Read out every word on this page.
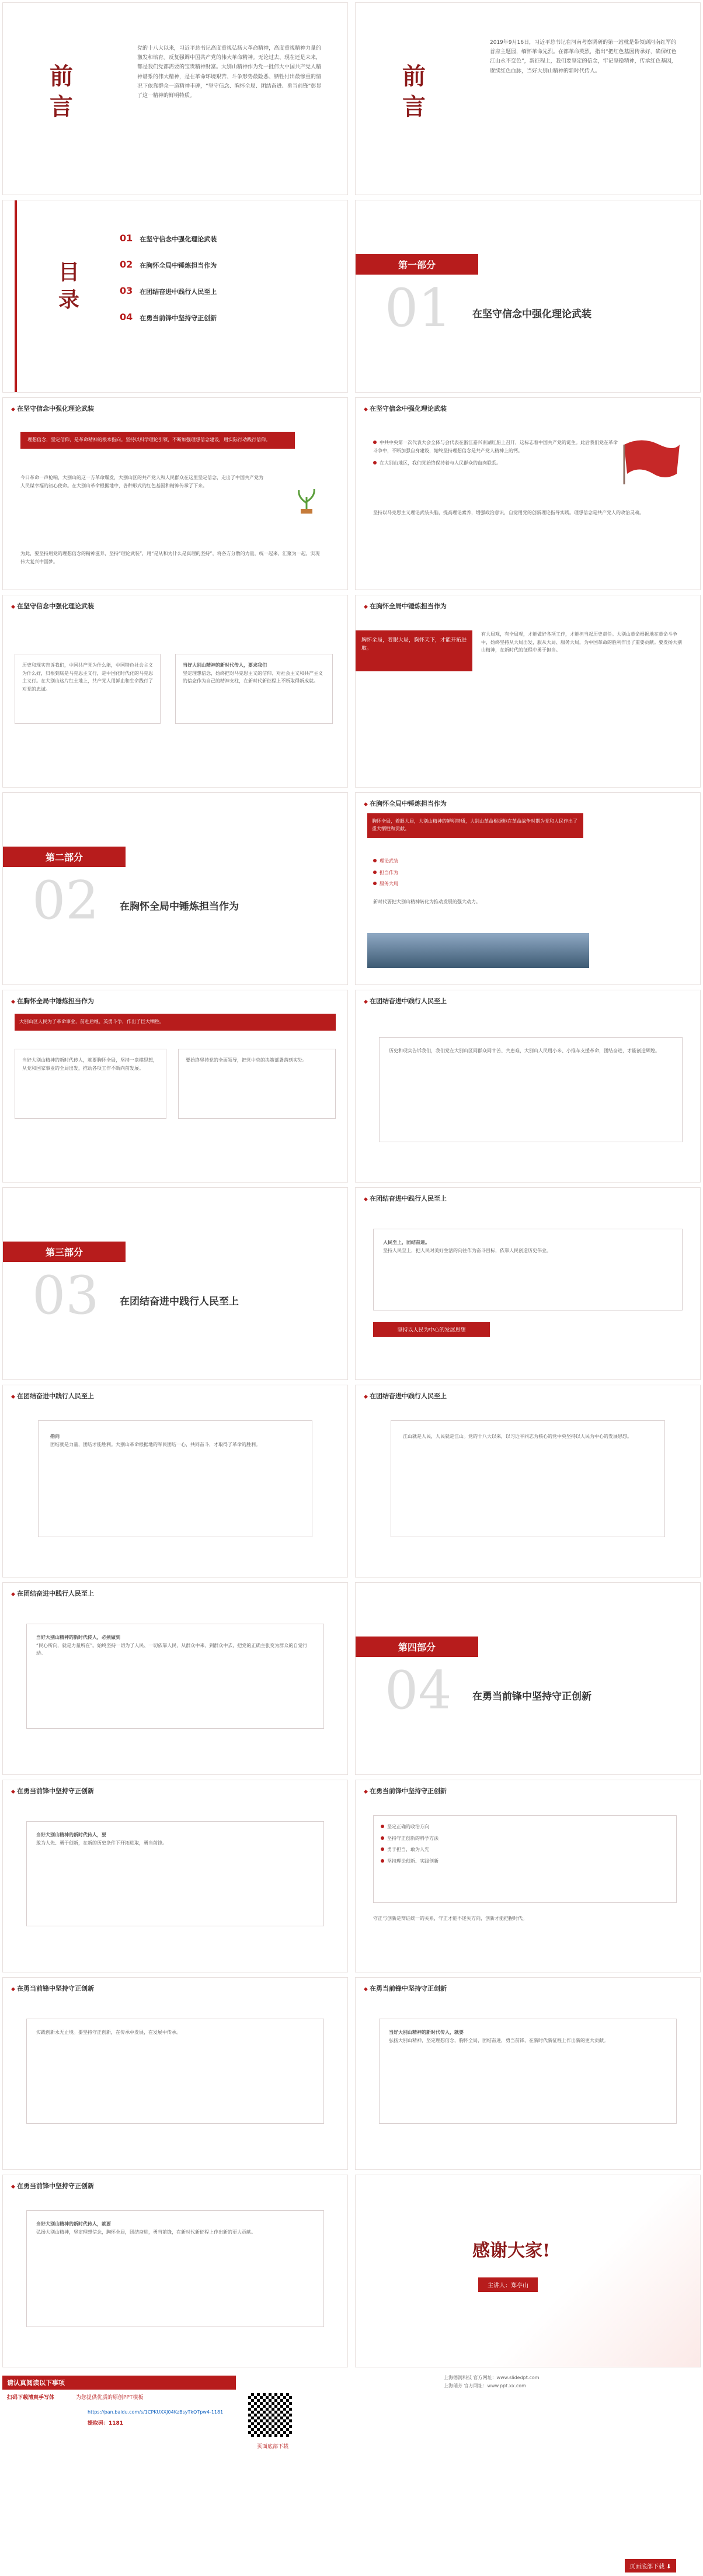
前言
党的十八大以来，习近平总书记高度重视弘扬大革命精神，高度重视精神力量的激发和培育。反复强调中国共产党的伟大革命精神。无论过去、现在还是未来，都是我们党都需要的宝贵精神财富。大别山精神作为党一批伟大中国共产党人精神谱系的伟大精神，是在革命环境艰苦、斗争形势最险恶、牺牲付出最惨重的情况下依靠群众一道精神丰碑，“坚守信念、胸怀全局、团结奋进、勇当前锋”彰显了这一精神的鲜明特质。
前言
2019年9月16日，习近平总书记在河南考察调研的第一站就是带领到河南红军的首府主题园，缅怀革命先烈。在都革命英烈，指出“把红色基因传承好，确保红色江山永不变色”，新征程上，我们要坚定的信念，牢记坚稳精神，传承红色基因，赓续红色血脉，当好大别山精神的新时代传人。
目录
01 在坚守信念中强化理论武装
02 在胸怀全局中锤炼担当作为
03 在团结奋进中践行人民至上
04 在勇当前锋中坚持守正创新
第一部分
01 在坚守信念中强化理论武装
◆ 在坚守信念中强化理论武装
理想信念，坚定信仰，是革命精神的根本指向。坚持以科学理论引领，不断加强理想信念建设，用实际行动践行信仰。
今日革命一声枪响，大别山的这一方革命爆发，大别山区的共产党人和人民群众在这里坚定信念，走出了中国共产党为人民谋幸福的初心使命。在大别山革命根据地中，各种形式的红色基因和精神传承了下来。
为此，要坚持用党的理想信念的精神滋养，坚持“理论武装”，用“是从和为什么是真理的坚持”，将各方分散的力量，统一起来，汇聚为一起，实现伟大复兴中国梦。
◆ 在坚守信念中强化理论武装
中共中央第一次代表大会全体与会代表在浙江嘉兴南湖红船上召开，这标志着中国共产党的诞生。此后我们党在革命斗争中，不断加强自身建设，始终坚持理想信念是共产党人精神上的钙。
在大别山地区，我们党始终保持着与人民群众的血肉联系。
坚持以马克思主义理论武装头脑，提高理论素养，增强政治意识，自觉用党的创新理论指导实践。理想信念是共产党人的政治灵魂。
◆ 在坚守信念中强化理论武装
历史和现实告诉我们，中国共产党为什么能，中国特色社会主义为什么好，归根到底是马克思主义行，是中国化时代化的马克思主义行。在大别山这片红土地上，共产党人用鲜血和生命践行了对党的忠诚。
当好大别山精神的新时代传人，要求我们
坚定理想信念，始终把对马克思主义的信仰、对社会主义和共产主义的信念作为自己的精神支柱，在新时代新征程上不断取得新成就。
◆ 在胸怀全局中锤炼担当作为
胸怀全局，着眼大局，胸怀天下，才能开拓进取。
有大局观，有全局观，才能做好各项工作，才能担当起历史责任。大别山革命根据地在革命斗争中，始终坚持从大局出发，服从大局、服务大局，为中国革命的胜利作出了重要贡献。要发扬大别山精神，在新时代的征程中勇于担当。
第二部分
02 在胸怀全局中锤炼担当作为
◆ 在胸怀全局中锤炼担当作为
胸怀全局，着眼大局，大别山精神的鲜明特质，大别山革命根据地在革命战争时期为党和人民作出了重大牺牲和贡献。
理论武装
担当作为
服务大局
新时代要把大别山精神转化为推动发展的强大动力。
◆ 在胸怀全局中锤炼担当作为
大别山区人民为了革命事业，前赴后继、英勇斗争，作出了巨大牺牲。
当好大别山精神的新时代传人，就要胸怀全局，坚持一盘棋思想，从党和国家事业的全局出发，推动各项工作不断向前发展。
要始终坚持党的全面领导，把党中央的决策部署落到实处。
◆ 在团结奋进中践行人民至上
历史和现实告诉我们，我们党在大别山区同群众同甘苦、共患难，大别山人民用小米、小推车支援革命，团结奋进，才能创造辉煌。
第三部分
03 在团结奋进中践行人民至上
◆ 在团结奋进中践行人民至上
人民至上，团结奋进。
坚持人民至上，把人民对美好生活的向往作为奋斗目标，依靠人民创造历史伟业。
坚持以人民为中心的发展思想
◆ 在团结奋进中践行人民至上
指向
团结就是力量，团结才能胜利。大别山革命根据地的军民团结一心，共同奋斗，才取得了革命的胜利。
◆ 在团结奋进中践行人民至上
江山就是人民，人民就是江山。党的十八大以来，以习近平同志为核心的党中央坚持以人民为中心的发展思想。
◆ 在团结奋进中践行人民至上
当好大别山精神的新时代传人，必须做到
“民心所向，就是力量所在”。始终坚持一切为了人民、一切依靠人民，从群众中来、到群众中去，把党的正确主张变为群众的自觉行动。
第四部分
04 在勇当前锋中坚持守正创新
◆ 在勇当前锋中坚持守正创新
当好大别山精神的新时代传人，要
敢为人先、勇于创新，在新的历史条件下开拓进取，勇当前锋。
◆ 在勇当前锋中坚持守正创新
坚定正确的政治方向
坚持守正创新的科学方法
勇于担当，敢为人先
坚持理论创新、实践创新
守正与创新是辩证统一的关系，守正才能不迷失方向，创新才能把握时代。
◆ 在勇当前锋中坚持守正创新
实践创新永无止境。要坚持守正创新，在传承中发展，在发展中传承。
◆ 在勇当前锋中坚持守正创新
当好大别山精神的新时代传人，就要
弘扬大别山精神，坚定理想信念，胸怀全局，团结奋进，勇当前锋，在新时代新征程上作出新的更大贡献。
◆ 在勇当前锋中坚持守正创新
当好大别山精神的新时代传人，就要
弘扬大别山精神，坚定理想信念，胸怀全局，团结奋进，勇当前锋，在新时代新征程上作出新的更大贡献。
感谢大家!
主讲人：郑亭山
请认真阅读以下事项
扫码下载清爽手写体	为您提供优质的原创PPT模板
https://pan.baidu.com/s/1CPKUXXJ04KzBsyTkQTpw4-1181
提取码：1181
上海德润科技 官方网址：www.slidedpt.com
上海瑞芳 官方网址：www.ppt.xx.com
页面底部下载
页面底部下载 ⬇
